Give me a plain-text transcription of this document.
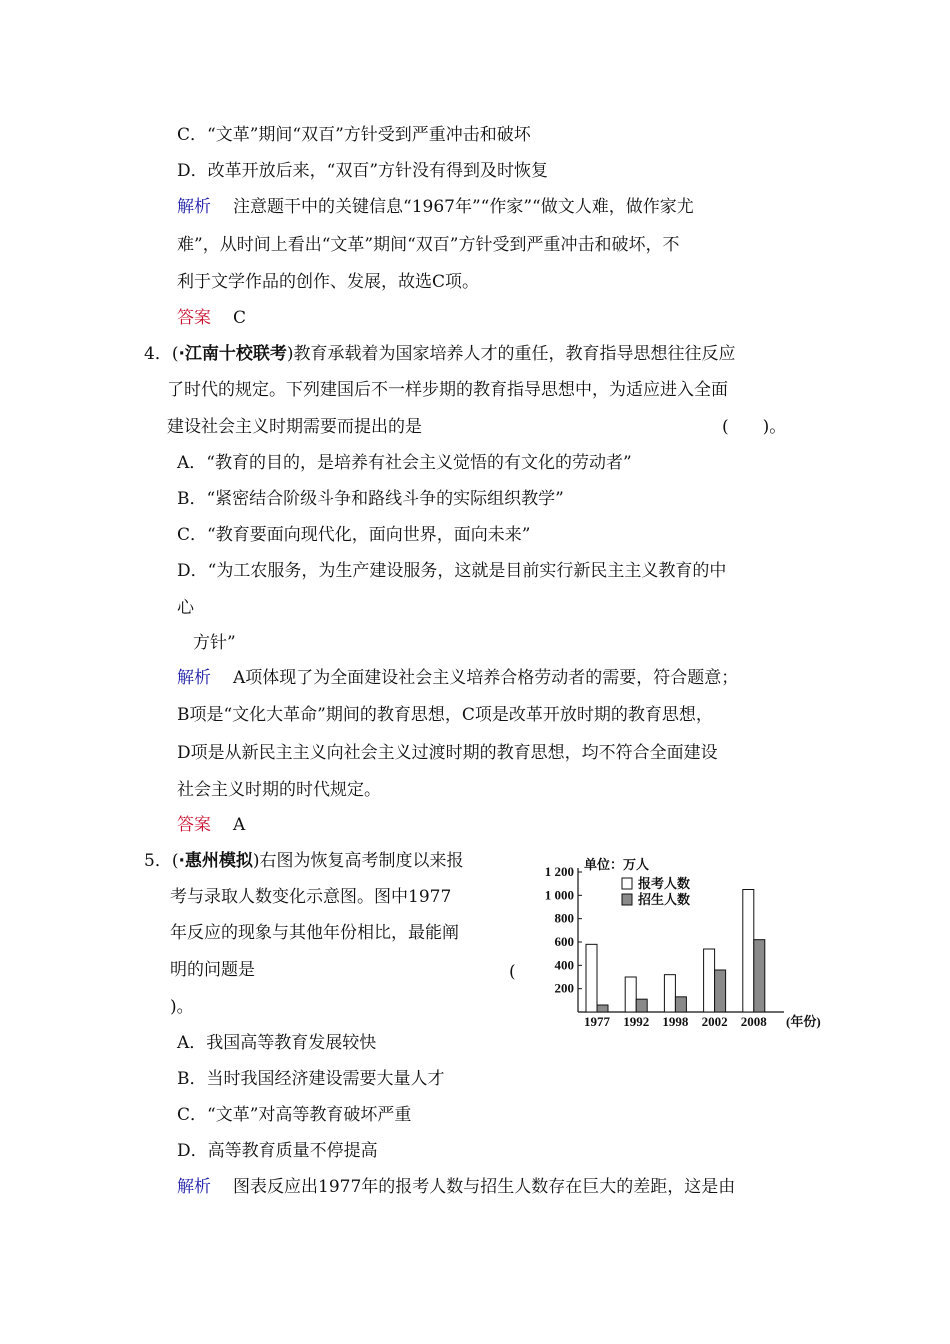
C．“文革”期间“双百”方针受到严重冲击和破坏
D．改革开放后来，“双百”方针没有得到及时恢复
解析 注意题干中的关键信息“1967年”“作家”“做文人难，做作家尤
难”，从时间上看出“文革”期间“双百”方针受到严重冲击和破坏，不
利于文学作品的创作、发展，故选C项。
答案 C
4．(·江南十校联考)教育承载着为国家培养人才的重任，教育指导思想往往反应
了时代的规定。下列建国后不一样步期的教育指导思想中，为适应进入全面
建设社会主义时期需要而提出的是	(　　)。
A．“教育的目的，是培养有社会主义觉悟的有文化的劳动者”
B．“紧密结合阶级斗争和路线斗争的实际组织教学”
C．“教育要面向现代化，面向世界，面向未来”
D．“为工农服务，为生产建设服务，这就是目前实行新民主主义教育的中
心
方针”
解析 A项体现了为全面建设社会主义培养合格劳动者的需要，符合题意；
B项是“文化大革命”期间的教育思想，C项是改革开放时期的教育思想，
D项是从新民主主义向社会主义过渡时期的教育思想，均不符合全面建设
社会主义时期的时代规定。
答案 A
5．(·惠州模拟)右图为恢复高考制度以来报
考与录取人数变化示意图。图中1977
年反应的现象与其他年份相比，最能阐
明的问题是	(
)。
A．我国高等教育发展较快
B．当时我国经济建设需要大量人才
C．“文革”对高等教育破坏严重
D．高等教育质量不停提高
解析 图表反应出1977年的报考人数与招生人数存在巨大的差距，这是由
200
400
600
800
1 000
1 200
1977 1992 1998 2002 2008 (年份)
单位：万人
报考人数
招生人数
